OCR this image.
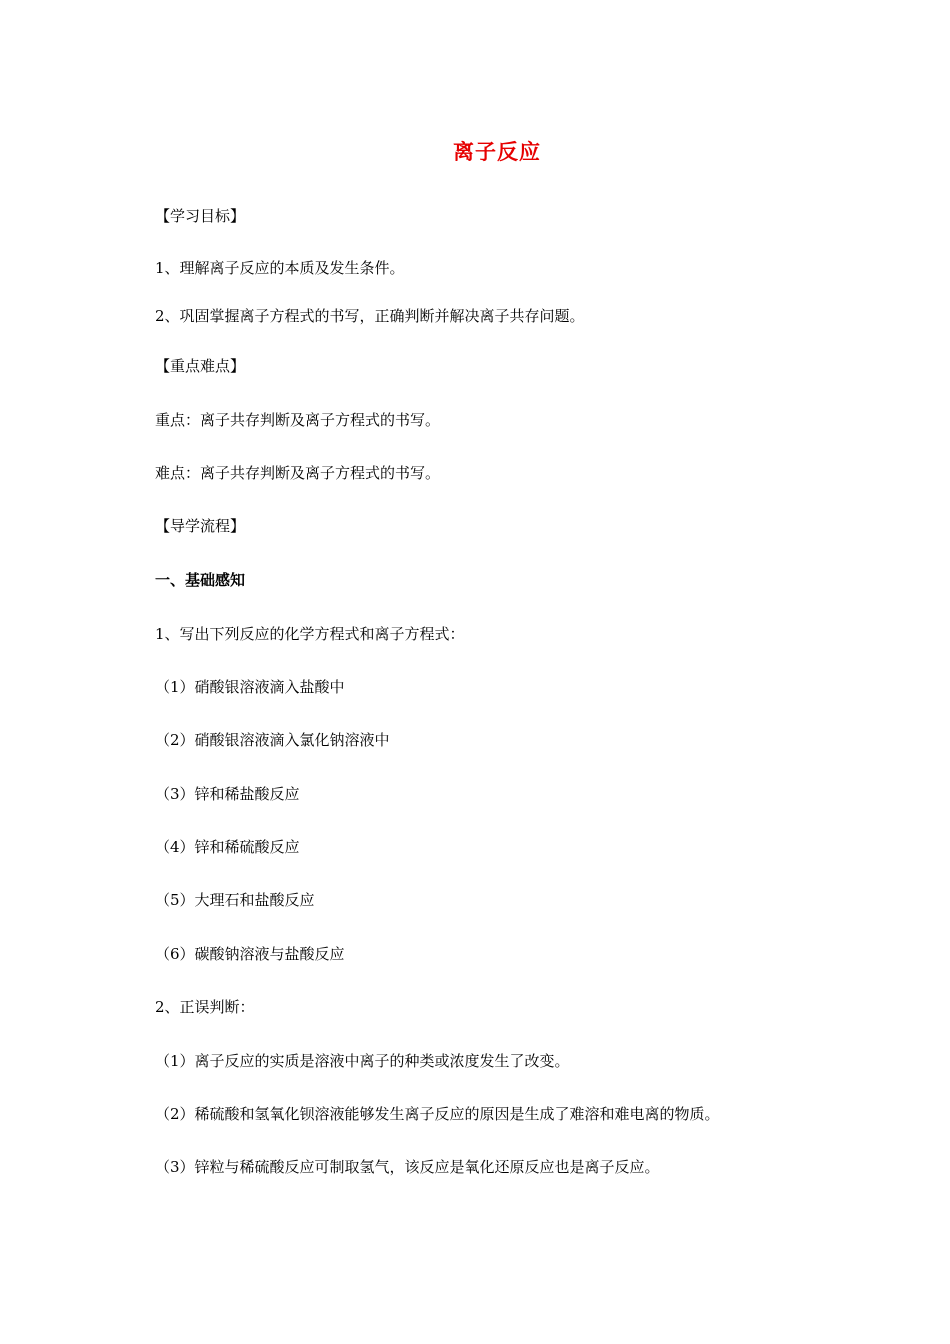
离子反应
【学习目标】
1、理解离子反应的本质及发生条件。
2、巩固掌握离子方程式的书写，正确判断并解决离子共存问题。
【重点难点】
重点：离子共存判断及离子方程式的书写。
难点：离子共存判断及离子方程式的书写。
【导学流程】
一、基础感知
1、写出下列反应的化学方程式和离子方程式：
（1）硝酸银溶液滴入盐酸中
（2）硝酸银溶液滴入氯化钠溶液中
（3）锌和稀盐酸反应
（4）锌和稀硫酸反应
（5）大理石和盐酸反应
（6）碳酸钠溶液与盐酸反应
2、正误判断：
（1）离子反应的实质是溶液中离子的种类或浓度发生了改变。
（2）稀硫酸和氢氧化钡溶液能够发生离子反应的原因是生成了难溶和难电离的物质。
（3）锌粒与稀硫酸反应可制取氢气，该反应是氧化还原反应也是离子反应。
